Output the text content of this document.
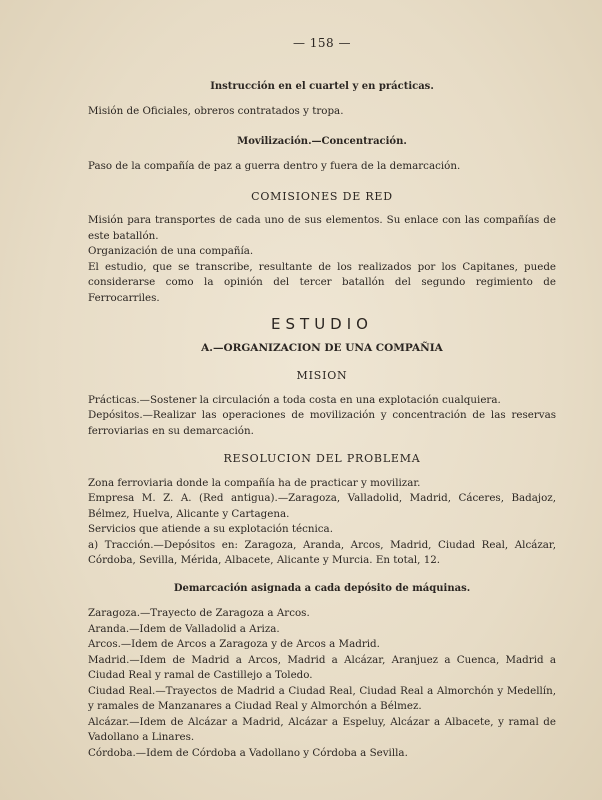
— 158 —
Instrucción en el cuartel y en prácticas.

Misión de Oficiales, obreros contratados y tropa.

Movilización.—Concentración.

Paso de la compañía de paz a guerra dentro y fuera de la demarcación.

COMISIONES DE RED

Misión para transportes de cada uno de sus elementos. Su enlace con las compañías de este batallón.

Organización de una compañía.

El estudio, que se transcribe, resultante de los realizados por los Capitanes, puede considerarse como la opinión del tercer batallón del segundo regimiento de Ferrocarriles.

ESTUDIO
A.—ORGANIZACION DE UNA COMPAÑIA
MISION

Prácticas.—Sostener la circulación a toda costa en una explotación cualquiera.

Depósitos.—Realizar las operaciones de movilización y concentración de las reservas ferroviarias en su demarcación.

RESOLUCION DEL PROBLEMA

Zona ferroviaria donde la compañía ha de practicar y movilizar.

Empresa M. Z. A. (Red antigua).—Zaragoza, Valladolid, Madrid, Cáceres, Badajoz, Bélmez, Huelva, Alicante y Cartagena.

Servicios que atiende a su explotación técnica.

a) Tracción.—Depósitos en: Zaragoza, Aranda, Arcos, Madrid, Ciudad Real, Alcázar, Córdoba, Sevilla, Mérida, Albacete, Alicante y Murcia. En total, 12.

Demarcación asignada a cada depósito de máquinas.

Zaragoza.—Trayecto de Zaragoza a Arcos.

Aranda.—Idem de Valladolid a Ariza.

Arcos.—Idem de Arcos a Zaragoza y de Arcos a Madrid.

Madrid.—Idem de Madrid a Arcos, Madrid a Alcázar, Aranjuez a Cuenca, Madrid a Ciudad Real y ramal de Castillejo a Toledo.

Ciudad Real.—Trayectos de Madrid a Ciudad Real, Ciudad Real a Almorchón y Medellín, y ramales de Manzanares a Ciudad Real y Almorchón a Bélmez.

Alcázar.—Idem de Alcázar a Madrid, Alcázar a Espeluy, Alcázar a Albacete, y ramal de Vadollano a Linares.

Córdoba.—Idem de Córdoba a Vadollano y Córdoba a Sevilla.
